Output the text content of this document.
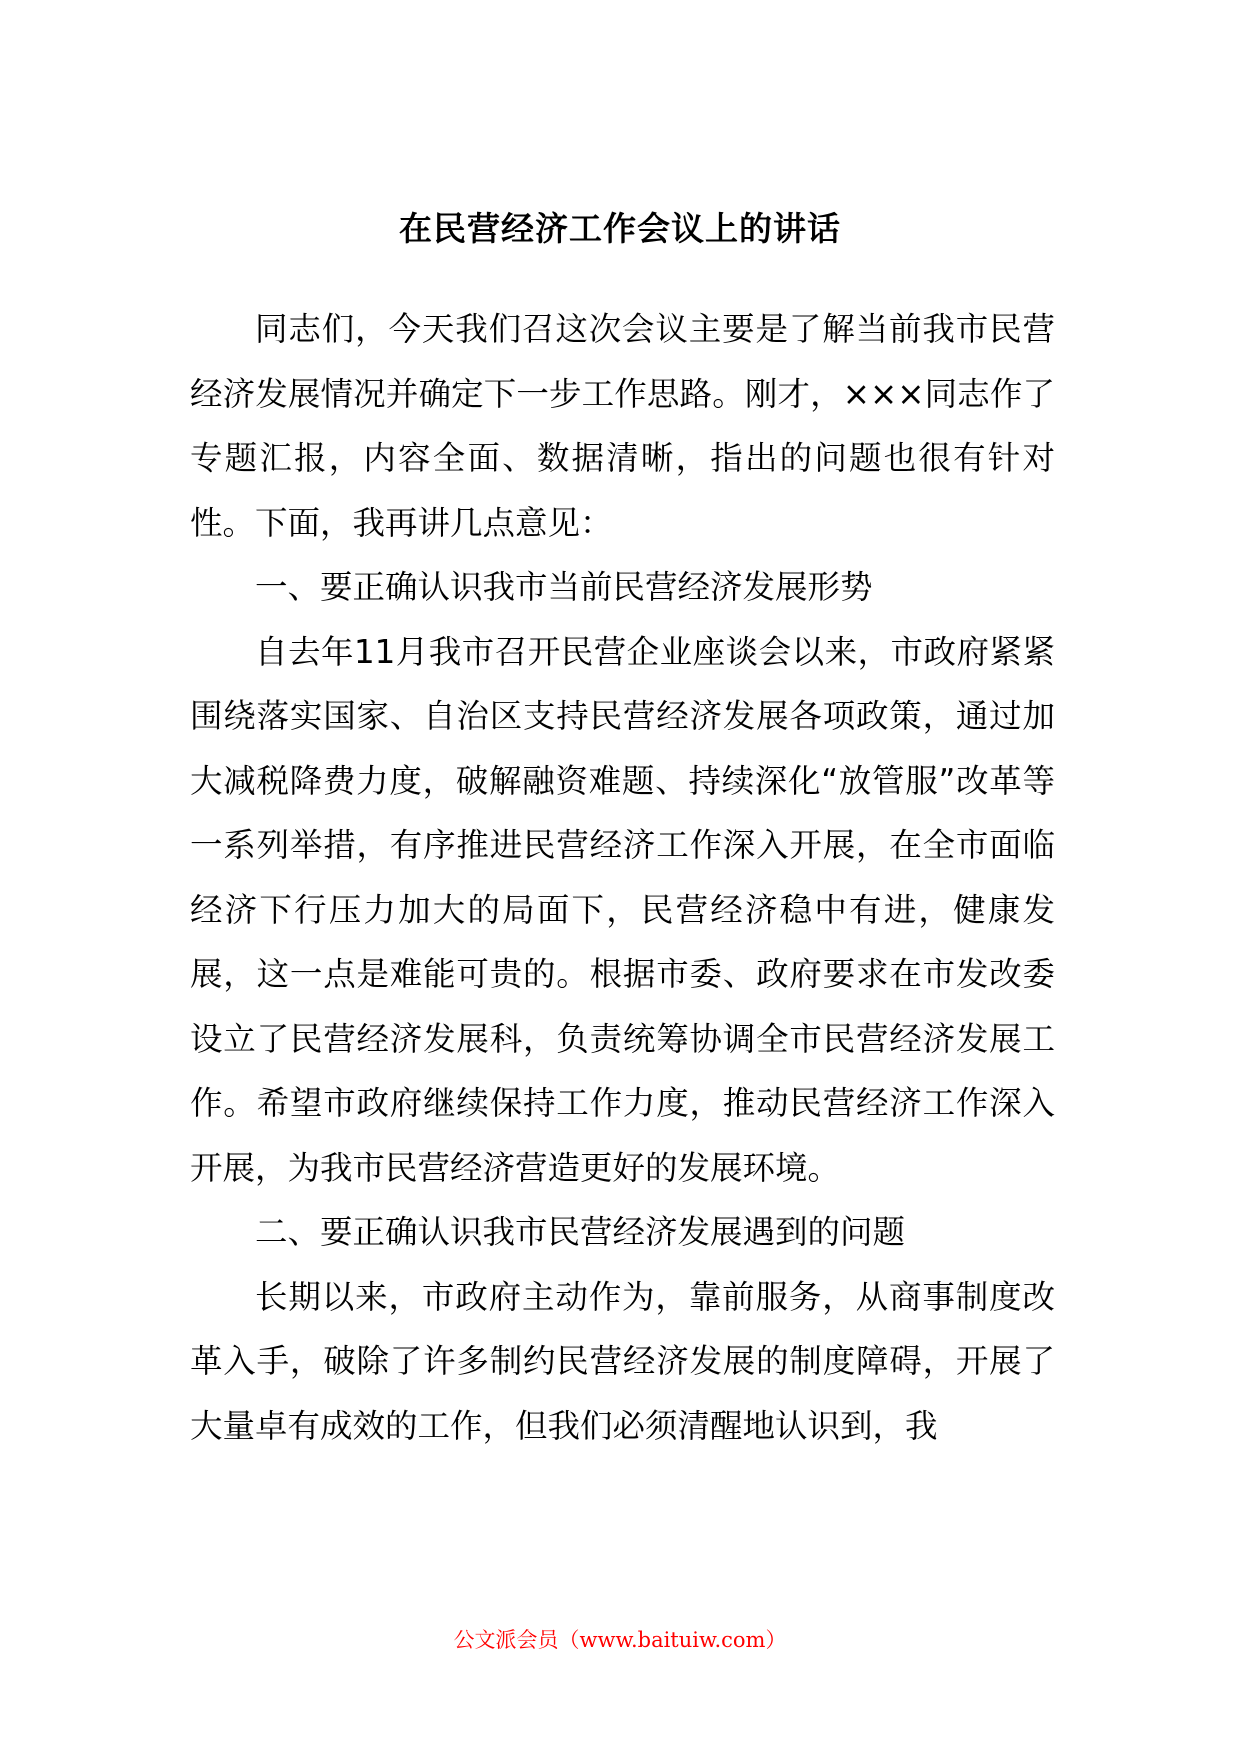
在民营经济工作会议上的讲话

同志们，今天我们召这次会议主要是了解当前我市民营经济发展情况并确定下一步工作思路。刚才，×××同志作了专题汇报，内容全面、数据清晰，指出的问题也很有针对性。下面，我再讲几点意见：

一、要正确认识我市当前民营经济发展形势

自去年11月我市召开民营企业座谈会以来，市政府紧紧围绕落实国家、自治区支持民营经济发展各项政策，通过加大减税降费力度，破解融资难题、持续深化“放管服”改革等一系列举措，有序推进民营经济工作深入开展，在全市面临经济下行压力加大的局面下，民营经济稳中有进，健康发展，这一点是难能可贵的。根据市委、政府要求在市发改委设立了民营经济发展科，负责统筹协调全市民营经济发展工作。希望市政府继续保持工作力度，推动民营经济工作深入开展，为我市民营经济营造更好的发展环境。

二、要正确认识我市民营经济发展遇到的问题

长期以来，市政府主动作为，靠前服务，从商事制度改革入手，破除了许多制约民营经济发展的制度障碍，开展了大量卓有成效的工作，但我们必须清醒地认识到，我

公文派会员（www.baituiw.com）
